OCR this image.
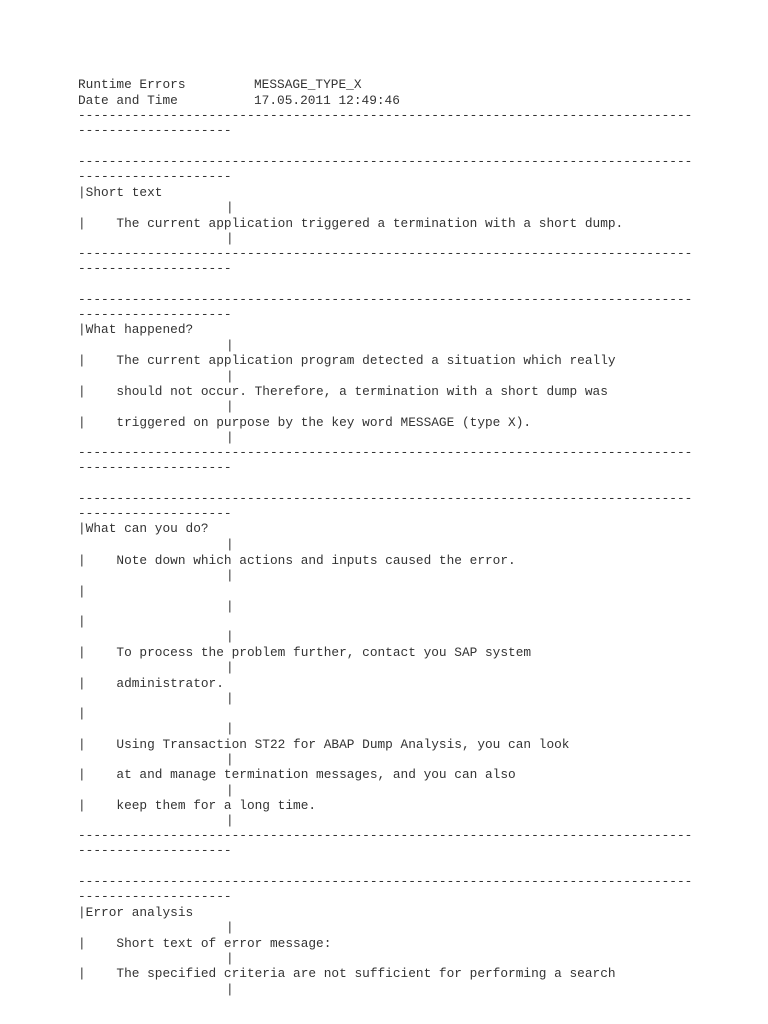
Runtime Errors	MESSAGE_TYPE_X
Date and Time	17.05.2011 12:49:46
--------------------------------------------------------------------------------
--------------------
--------------------------------------------------------------------------------
--------------------
|Short text
|
|    The current application triggered a termination with a short dump.
|
--------------------------------------------------------------------------------
--------------------
--------------------------------------------------------------------------------
--------------------
|What happened?
|
|    The current application program detected a situation which really
|
|    should not occur. Therefore, a termination with a short dump was
|
|    triggered on purpose by the key word MESSAGE (type X).
|
--------------------------------------------------------------------------------
--------------------
--------------------------------------------------------------------------------
--------------------
|What can you do?
|
|    Note down which actions and inputs caused the error.
|
|
|
|
|
|    To process the problem further, contact you SAP system
|
|    administrator.
|
|
|
|    Using Transaction ST22 for ABAP Dump Analysis, you can look
|
|    at and manage termination messages, and you can also
|
|    keep them for a long time.
|
--------------------------------------------------------------------------------
--------------------
--------------------------------------------------------------------------------
--------------------
|Error analysis
|
|    Short text of error message:
|
|    The specified criteria are not sufficient for performing a search
|
